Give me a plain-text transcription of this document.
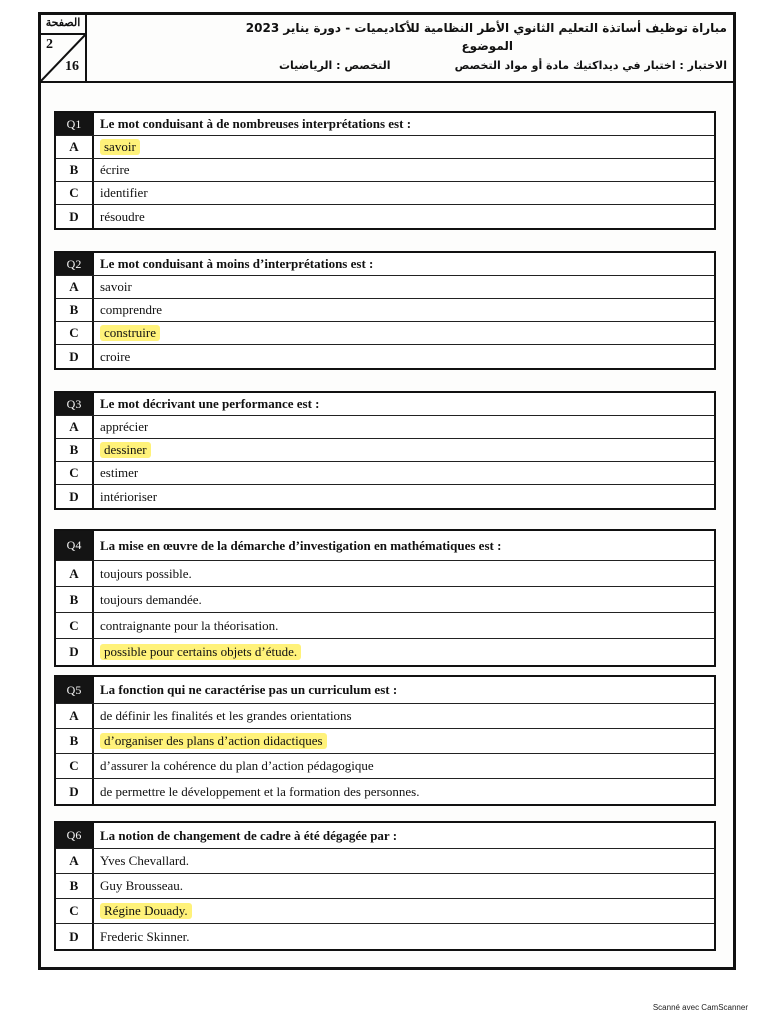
الصفحة
2
16
مباراة توظيف أساتذة التعليم الثانوي الأطر النظامية للأكاديميات - دورة يناير 2023
الموضوع
الاختبار : اختبار في ديداكتيك مادة أو مواد التخصص
التخصص : الرياضيات
Q1	Le mot conduisant à de nombreuses interprétations est :
A	savoir
B	écrire
C	identifier
D	résoudre
Q2	Le mot conduisant à moins d’interprétations est :
A	savoir
B	comprendre
C	construire
D	croire
Q3	Le mot décrivant une performance est :
A	apprécier
B	dessiner
C	estimer
D	intérioriser
Q4	La mise en œuvre de la démarche d’investigation en mathématiques est :
A	toujours possible.
B	toujours demandée.
C	contraignante pour la théorisation.
D	possible pour certains objets d’étude.
Q5	La fonction qui ne caractérise pas un curriculum est :
A	de définir les finalités et les grandes orientations
B	d’organiser des plans d’action didactiques
C	d’assurer la cohérence du plan d’action pédagogique
D	de permettre le développement et la formation des personnes.
Q6	La notion de changement de cadre à été dégagée par :
A	Yves Chevallard.
B	Guy Brousseau.
C	Régine Douady.
D	Frederic Skinner.
Scanné avec CamScanner
